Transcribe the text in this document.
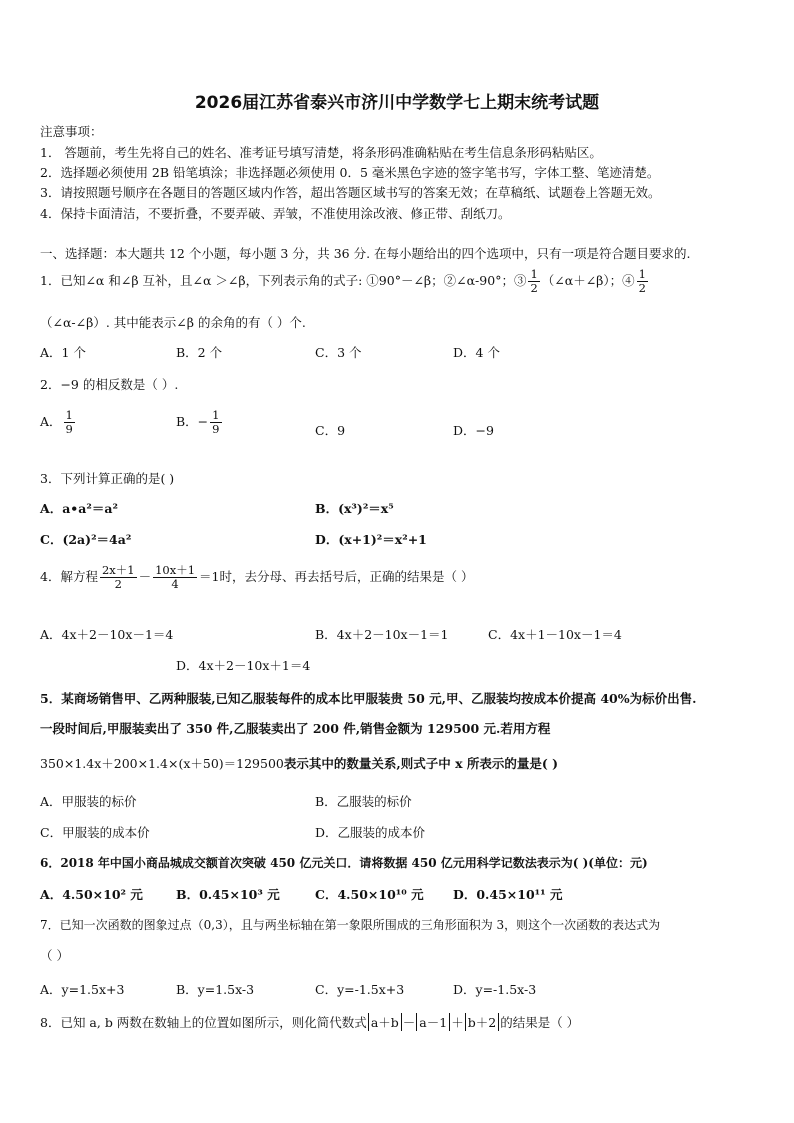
2026届江苏省泰兴市济川中学数学七上期末统考试题
注意事项：
1． 答题前，考生先将自己的姓名、准考证号填写清楚，将条形码准确粘贴在考生信息条形码粘贴区。
2．选择题必须使用 2B 铅笔填涂；非选择题必须使用 0．5 毫米黑色字迹的签字笔书写，字体工整、笔迹清楚。
3．请按照题号顺序在各题目的答题区域内作答，超出答题区域书写的答案无效；在草稿纸、试题卷上答题无效。
4．保持卡面清洁，不要折叠，不要弄破、弄皱，不准使用涂改液、修正带、刮纸刀。
一、选择题：本大题共 12 个小题，每小题 3 分，共 36 分. 在每小题给出的四个选项中，只有一项是符合题目要求的.
1．已知∠α 和∠β 互补，且∠α ＞∠β，下列表示角的式子: ①90°－∠β；②∠α-90°；③ $\frac{1}{2}$ （∠α＋∠β）；④ $\frac{1}{2}$
（∠α-∠β）. 其中能表示∠β 的余角的有（ ）个.
A．1 个	B．2 个	C．3 个	D．4 个
2．−9 的相反数是（ ）.
A． $\frac{1}{9}$	B．− $\frac{1}{9}$	C．9	D．−9
3．下列计算正确的是( )
A．a•a²＝a²	B．(x³)²＝x⁵
C．(2a)²＝4a²	D．(x+1)²＝x²+1
4．解方程 $\frac{2x+1}{2} - \frac{10x+1}{4} =1$时，去分母、再去括号后，正确的结果是（ ）
A．4x＋2－10x－1＝4	B．4x＋2－10x－1＝1	C．4x＋1－10x－1＝4
D．4x＋2－10x＋1＝4
5．某商场销售甲、乙两种服装,已知乙服装每件的成本比甲服装贵 50 元,甲、乙服装均按成本价提高 40%为标价出售.
一段时间后,甲服装卖出了 350 件,乙服装卖出了 200 件,销售金额为 129500 元.若用方程
350×1.4x＋200×1.4×(x＋50)＝129500表示其中的数量关系,则式子中 x 所表示的量是( )
A．甲服装的标价	B．乙服装的标价
C．甲服装的成本价	D．乙服装的成本价
6．2018 年中国小商品城成交额首次突破 450 亿元关口．请将数据 450 亿元用科学记数法表示为( )(单位：元)
A．4.50×10² 元	B．0.45×10³ 元	C．4.50×10¹⁰ 元 D．0.45×10¹¹ 元
7．已知一次函数的图象过点（0,3），且与两坐标轴在第一象限所围成的三角形面积为 3，则这个一次函数的表达式为
（ ）
A．y=1.5x+3	B．y=1.5x-3	C．y=-1.5x+3	D．y=-1.5x-3
8．已知 a, b 两数在数轴上的位置如图所示，则化简代数式 a＋b － a－1 ＋ b＋2 的结果是（ ）
